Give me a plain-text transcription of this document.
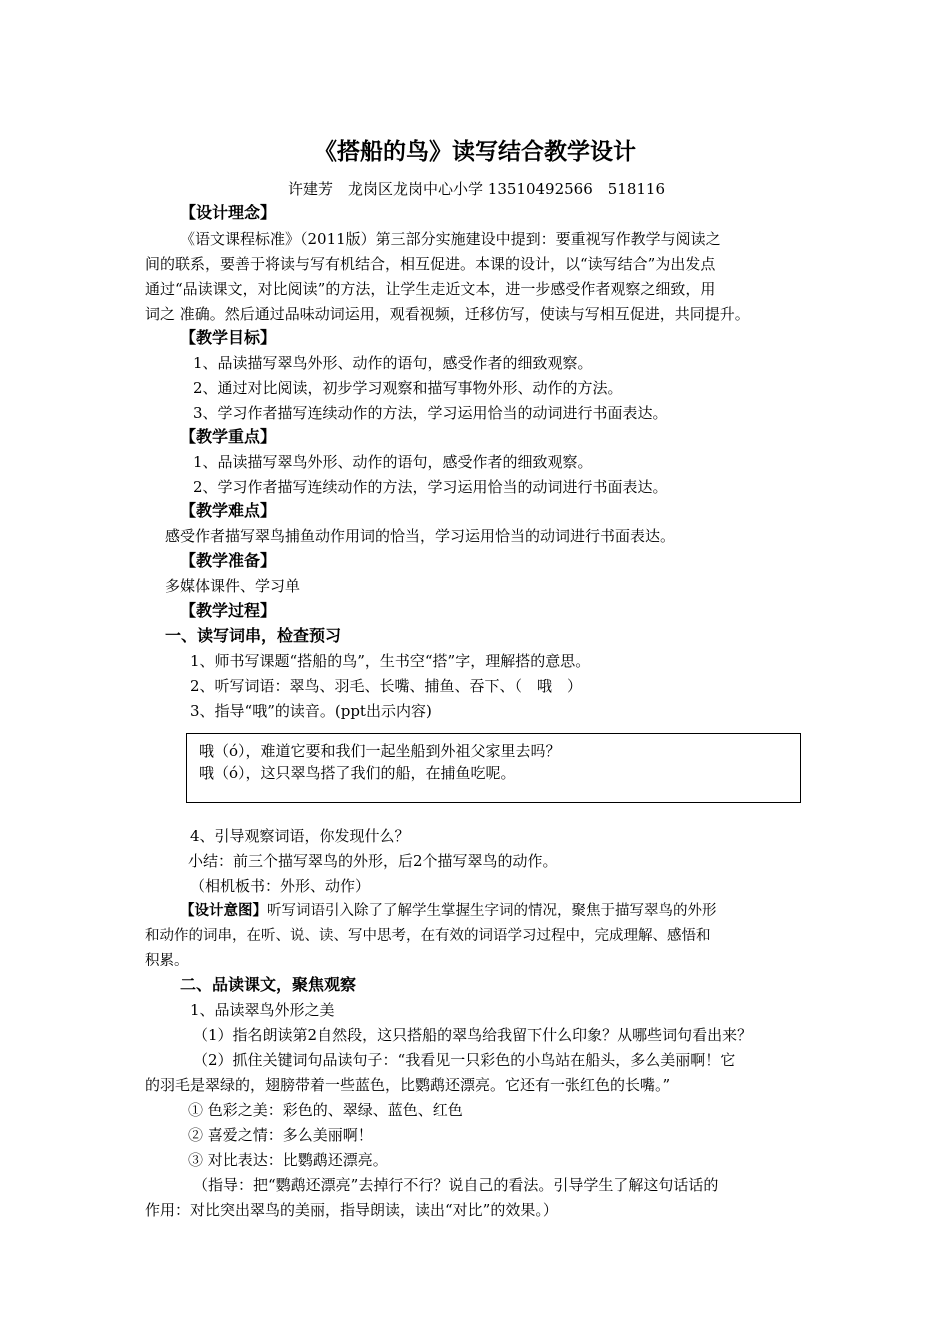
《搭船的鸟》读写结合教学设计
许建芳　龙岗区龙岗中心小学 13510492566　518116
【设计理念】
《语文课程标准》（2011版）第三部分实施建设中提到：要重视写作教学与阅读之
间的联系，要善于将读与写有机结合，相互促进。本课的设计，以“读写结合”为出发点
通过“品读课文，对比阅读”的方法，让学生走近文本，进一步感受作者观察之细致，用
词之 准确。然后通过品味动词运用，观看视频，迁移仿写，使读与写相互促进，共同提升。
【教学目标】
1、品读描写翠鸟外形、动作的语句，感受作者的细致观察。
2、通过对比阅读，初步学习观察和描写事物外形、动作的方法。
3、学习作者描写连续动作的方法，学习运用恰当的动词进行书面表达。
【教学重点】
1、品读描写翠鸟外形、动作的语句，感受作者的细致观察。
2、学习作者描写连续动作的方法，学习运用恰当的动词进行书面表达。
【教学难点】
感受作者描写翠鸟捕鱼动作用词的恰当，学习运用恰当的动词进行书面表达。
【教学准备】
多媒体课件、学习单
【教学过程】
一、读写词串，检查预习
1、师书写课题“搭船的鸟”，生书空“搭”字，理解搭的意思。
2、听写词语：翠鸟、羽毛、长嘴、捕鱼、吞下、（　哦　）
3、指导“哦”的读音。(ppt出示内容)
哦（ó），难道它要和我们一起坐船到外祖父家里去吗？
哦（ó），这只翠鸟搭了我们的船，在捕鱼吃呢。
4、引导观察词语，你发现什么？
小结：前三个描写翠鸟的外形，后2个描写翠鸟的动作。
（相机板书：外形、动作）
【设计意图】听写词语引入除了了解学生掌握生字词的情况，聚焦于描写翠鸟的外形
和动作的词串，在听、说、读、写中思考，在有效的词语学习过程中，完成理解、感悟和
积累。
二、品读课文，聚焦观察
1、品读翠鸟外形之美
（1）指名朗读第2自然段，这只搭船的翠鸟给我留下什么印象？从哪些词句看出来？
（2）抓住关键词句品读句子：“我看见一只彩色的小鸟站在船头，多么美丽啊！它
的羽毛是翠绿的，翅膀带着一些蓝色，比鹦鹉还漂亮。它还有一张红色的长嘴。”
① 色彩之美：彩色的、翠绿、蓝色、红色
② 喜爱之情：多么美丽啊！
③ 对比表达：比鹦鹉还漂亮。
（指导：把“鹦鹉还漂亮”去掉行不行？说自己的看法。引导学生了解这句话话的
作用：对比突出翠鸟的美丽，指导朗读，读出“对比”的效果。）
